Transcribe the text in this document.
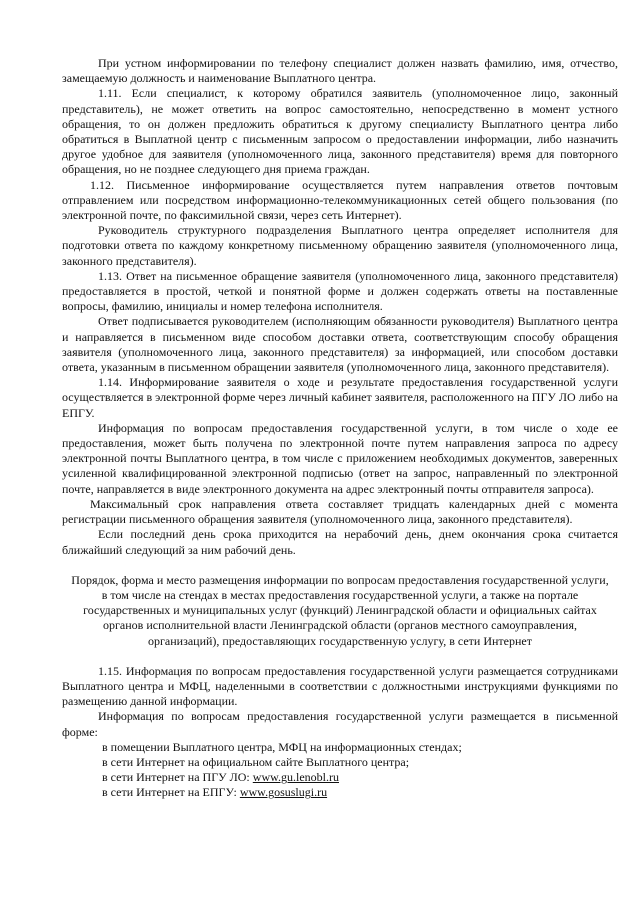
При устном информировании по телефону специалист должен назвать фамилию, имя, отчество, замещаемую должность и наименование Выплатного центра.

1.11. Если специалист, к которому обратился заявитель (уполномоченное лицо, законный представитель), не может ответить на вопрос самостоятельно, непосредственно в момент устного обращения, то он должен предложить обратиться к другому специалисту Выплатного центра либо обратиться в Выплатной центр с письменным запросом о предоставлении информации, либо назначить другое удобное для заявителя (уполномоченного лица, законного представителя) время для повторного обращения, но не позднее следующего дня приема граждан.

1.12. Письменное информирование осуществляется путем направления ответов почтовым отправлением или посредством информационно-телекоммуникационных сетей общего пользования (по электронной почте, по факсимильной связи, через сеть Интернет).

Руководитель структурного подразделения Выплатного центра определяет исполнителя для подготовки ответа по каждому конкретному письменному обращению заявителя (уполномоченного лица, законного представителя).

1.13. Ответ на письменное обращение заявителя (уполномоченного лица, законного представителя) предоставляется в простой, четкой и понятной форме и должен содержать ответы на поставленные вопросы, фамилию, инициалы и номер телефона исполнителя.

Ответ подписывается руководителем (исполняющим обязанности руководителя) Выплатного центра и направляется в письменном виде способом доставки ответа, соответствующим способу обращения заявителя (уполномоченного лица, законного представителя) за информацией, или способом доставки ответа, указанным в письменном обращении заявителя (уполномоченного лица, законного представителя).

1.14. Информирование заявителя о ходе и результате предоставления государственной услуги осуществляется в электронной форме через личный кабинет заявителя, расположенного на ПГУ ЛО либо на ЕПГУ.

Информация по вопросам предоставления государственной услуги, в том числе о ходе ее предоставления, может быть получена по электронной почте путем направления запроса по адресу электронной почты Выплатного центра, в том числе с приложением необходимых документов, заверенных усиленной квалифицированной электронной подписью (ответ на запрос, направленный по электронной почте, направляется в виде электронного документа на адрес электронный почты отправителя запроса).

Максимальный срок направления ответа составляет тридцать календарных дней с момента регистрации письменного обращения заявителя (уполномоченного лица, законного представителя).

Если последний день срока приходится на нерабочий день, днем окончания срока считается ближайший следующий за ним рабочий день.

Порядок, форма и место размещения информации по вопросам предоставления государственной услуги, в том числе на стендах в местах предоставления государственной услуги, а также на портале государственных и муниципальных услуг (функций) Ленинградской области и официальных сайтах органов исполнительной власти Ленинградской области (органов местного самоуправления, организаций), предоставляющих государственную услугу, в сети Интернет

1.15. Информация по вопросам предоставления государственной услуги размещается сотрудниками Выплатного центра и МФЦ, наделенными в соответствии с должностными инструкциями функциями по размещению данной информации.

Информация по вопросам предоставления государственной услуги размещается в письменной форме:

в помещении Выплатного центра, МФЦ на информационных стендах;
в сети Интернет на официальном сайте Выплатного центра;
в сети Интернет на ПГУ ЛО: www.gu.lenobl.ru
в сети Интернет на ЕПГУ: www.gosuslugi.ru
